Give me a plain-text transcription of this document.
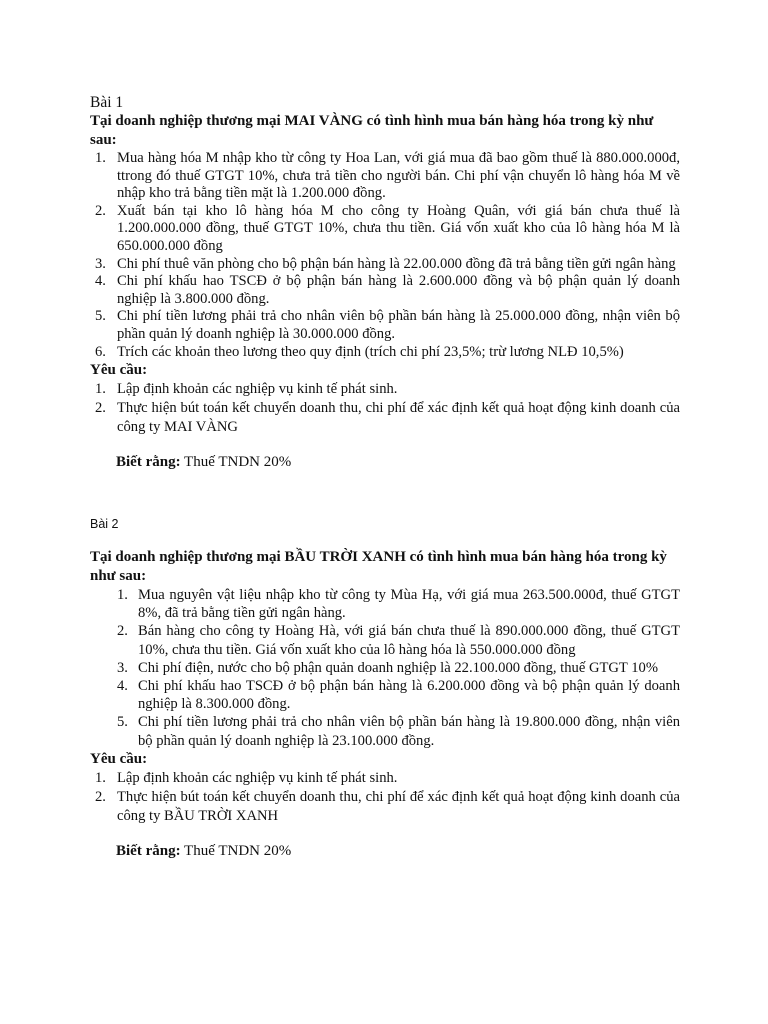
Bài 1
Tại doanh nghiệp thương mại MAI VÀNG có tình hình mua bán hàng hóa trong kỳ như sau:
1. Mua hàng hóa M nhập kho từ công ty Hoa Lan, với giá mua đã bao gồm thuế là 880.000.000đ, ttrong đó thuế GTGT 10%, chưa trả tiền cho người bán. Chi phí vận chuyển lô hàng hóa M về nhập kho trả bằng tiền mặt là 1.200.000 đồng.
2. Xuất bán tại kho lô hàng hóa M cho công ty Hoàng Quân, với giá bán chưa thuế là 1.200.000.000 đồng, thuế GTGT 10%, chưa thu tiền. Giá vốn xuất kho của lô hàng hóa M là 650.000.000 đồng
3. Chi phí thuê văn phòng cho bộ phận bán hàng là 22.00.000 đồng đã trả bằng tiền gửi ngân hàng
4. Chi phí khấu hao TSCĐ ở bộ phận bán hàng là 2.600.000 đồng và bộ phận quản lý doanh nghiệp là 3.800.000 đồng.
5. Chi phí tiền lương phải trả cho nhân viên bộ phần bán hàng là 25.000.000 đồng, nhận viên bộ phần quản lý doanh nghiệp là 30.000.000 đồng.
6. Trích các khoản theo lương theo quy định (trích chi phí 23,5%; trừ lương NLĐ 10,5%)
Yêu cầu:
1. Lập định khoản các nghiệp vụ kinh tế phát sinh.
2. Thực hiện bút toán kết chuyển doanh thu, chi phí để xác định kết quả hoạt động kinh doanh của công ty MAI VÀNG
Biết rằng: Thuế TNDN 20%
Bài 2
Tại doanh nghiệp thương mại BẦU TRỜI XANH có tình hình mua bán hàng hóa trong kỳ như sau:
1. Mua nguyên vật liệu nhập kho từ công ty Mùa Hạ, với giá mua 263.500.000đ, thuế GTGT 8%, đã trả bằng tiền gửi ngân hàng.
2. Bán hàng cho công ty Hoàng Hà, với giá bán chưa thuế là 890.000.000 đồng, thuế GTGT 10%, chưa thu tiền. Giá vốn xuất kho của lô hàng hóa là 550.000.000 đồng
3. Chi phí điện, nước cho bộ phận quản doanh nghiệp là 22.100.000 đồng, thuế GTGT 10%
4. Chi phí khấu hao TSCĐ ở bộ phận bán hàng là 6.200.000 đồng và bộ phận quản lý doanh nghiệp là 8.300.000 đồng.
5. Chi phí tiền lương phải trả cho nhân viên bộ phần bán hàng là 19.800.000 đồng, nhận viên bộ phần quản lý doanh nghiệp là 23.100.000 đồng.
Yêu cầu:
1. Lập định khoản các nghiệp vụ kinh tế phát sinh.
2. Thực hiện bút toán kết chuyển doanh thu, chi phí để xác định kết quả hoạt động kinh doanh của công ty BẦU TRỜI XANH
Biết rằng: Thuế TNDN 20%
